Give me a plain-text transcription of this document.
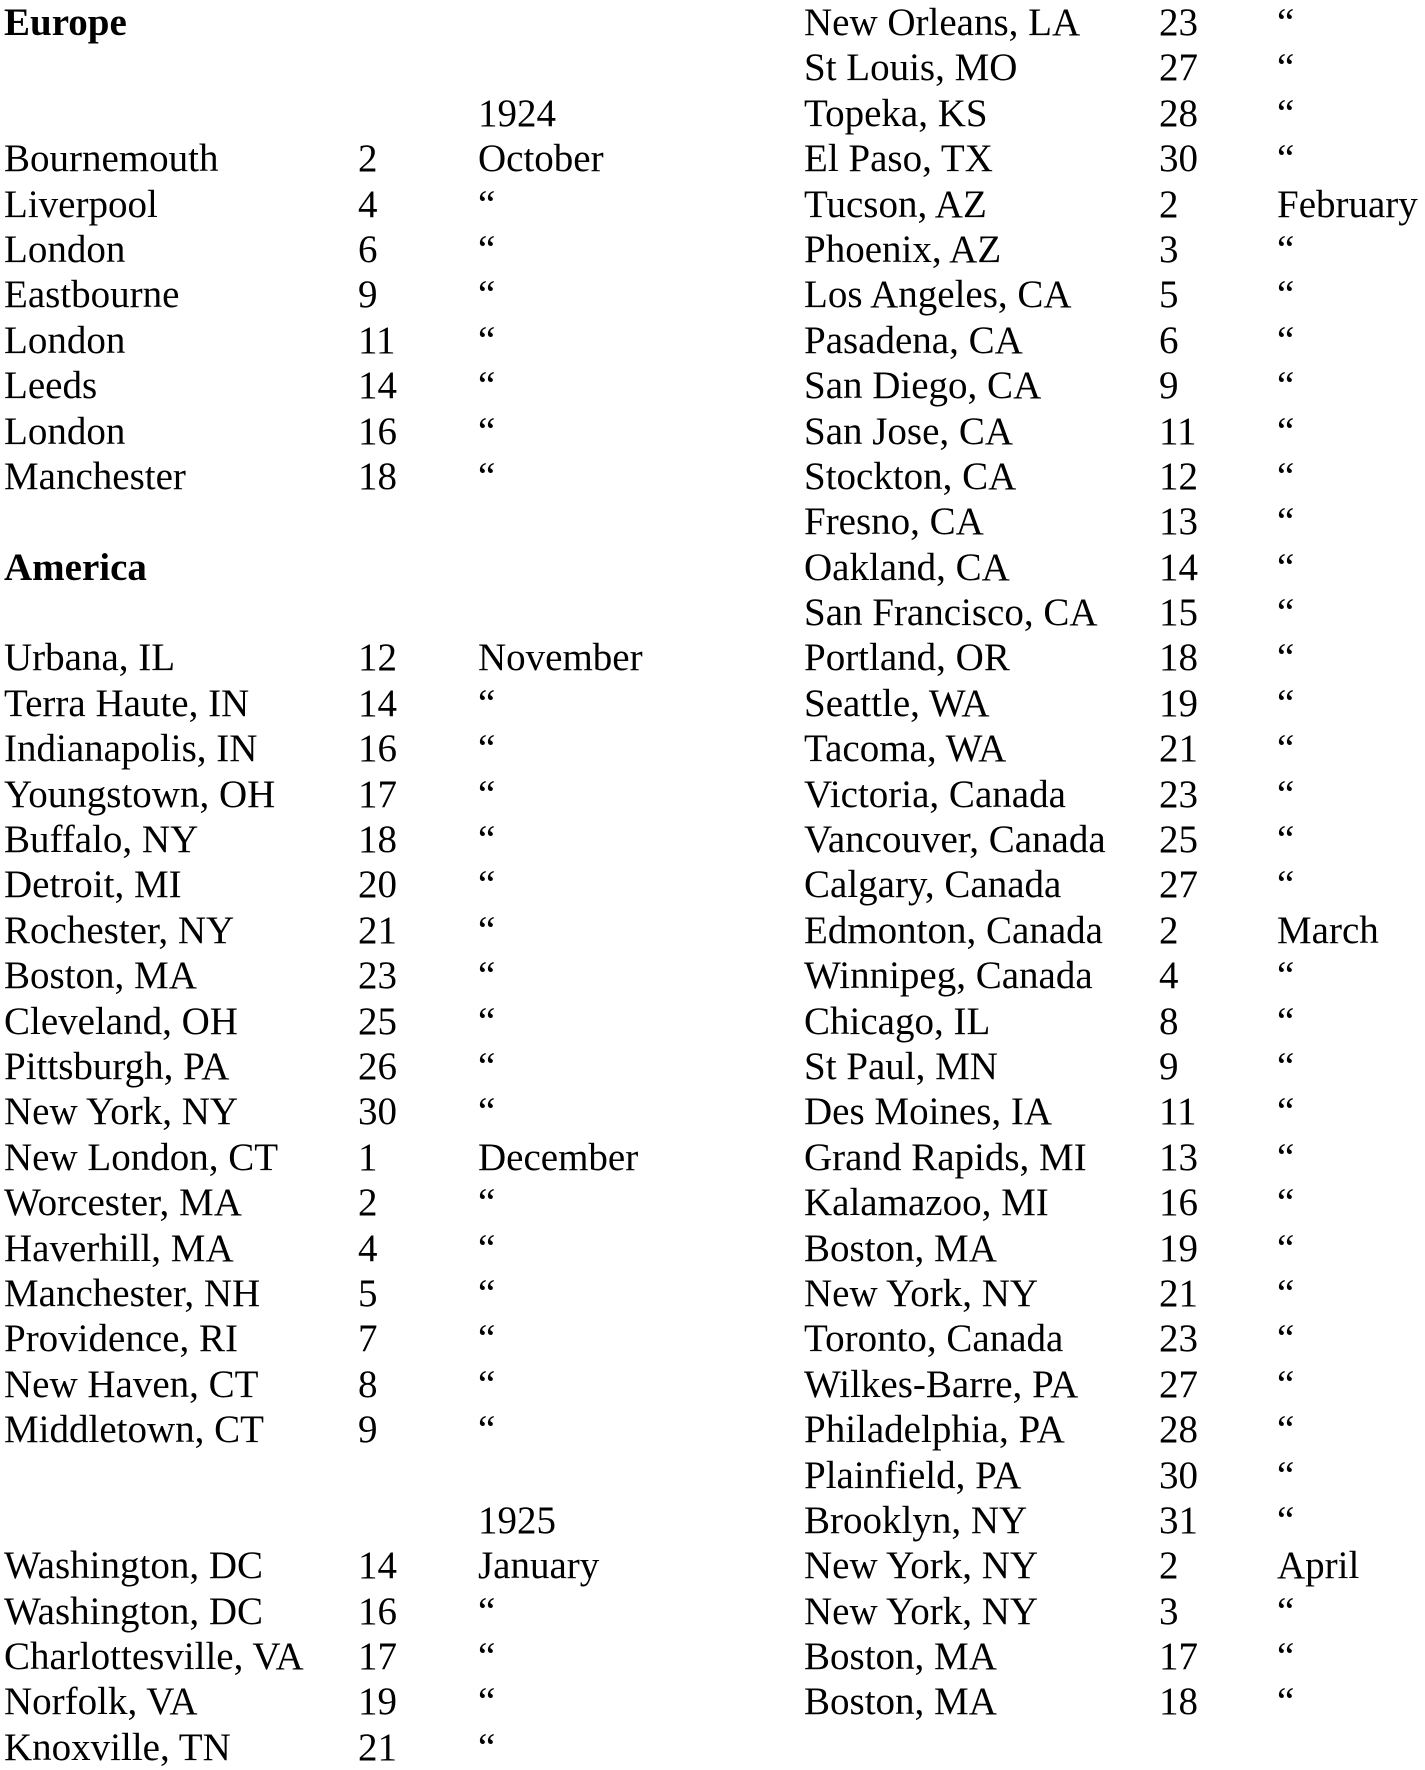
Europe
1924
Bournemouth	2	October
Liverpool	4	“
London	6	“
Eastbourne	9	“
London	11 “
Leeds	14 “
London	16 “
Manchester	18 “
America
Urbana, IL	12 November
Terra Haute, IN	14 “
Indianapolis, IN	16 “
Youngstown, OH 17 “
Buffalo, NY	18 “
Detroit, MI	20 “
Rochester, NY	21 “
Boston, MA	23 “
Cleveland, OH	25 “
Pittsburgh, PA	26 “
New York, NY	30 “
New London, CT 1	December
Worcester, MA	2	“
Haverhill, MA	4	“
Manchester, NH	5	“
Providence, RI	7	“
New Haven, CT	8	“
Middletown, CT 9	“
1925
Washington, DC 14 January
Washington, DC 16 “
Charlottesville, VA 17 “
Norfolk, VA	19 “
Knoxville, TN	21 “
New Orleans, LA 23 “
St Louis, MO	27 “
Topeka, KS	28 “
El Paso, TX	30 “
Tucson, AZ	2	February
Phoenix, AZ	3	“
Los Angeles, CA 5	“
Pasadena, CA	6	“
San Diego, CA	9	“
San Jose, CA	11 “
Stockton, CA	12 “
Fresno, CA	13 “
Oakland, CA	14 “
San Francisco, CA 15 “
Portland, OR	18 “
Seattle, WA	19 “
Tacoma, WA	21 “
Victoria, Canada 23 “
Vancouver, Canada 25 “
Calgary, Canada	27 “
Edmonton, Canada 2	March
Winnipeg, Canada 4	“
Chicago, IL	8	“
St Paul, MN	9	“
Des Moines, IA	11 “
Grand Rapids, MI 13 “
Kalamazoo, MI	16 “
Boston, MA	19 “
New York, NY	21 “
Toronto, Canada 23 “
Wilkes-Barre, PA 27 “
Philadelphia, PA 28 “
Plainfield, PA	30 “
Brooklyn, NY	31 “
New York, NY	2	April
New York, NY	3	“
Boston, MA	17 “
Boston, MA	18 “
